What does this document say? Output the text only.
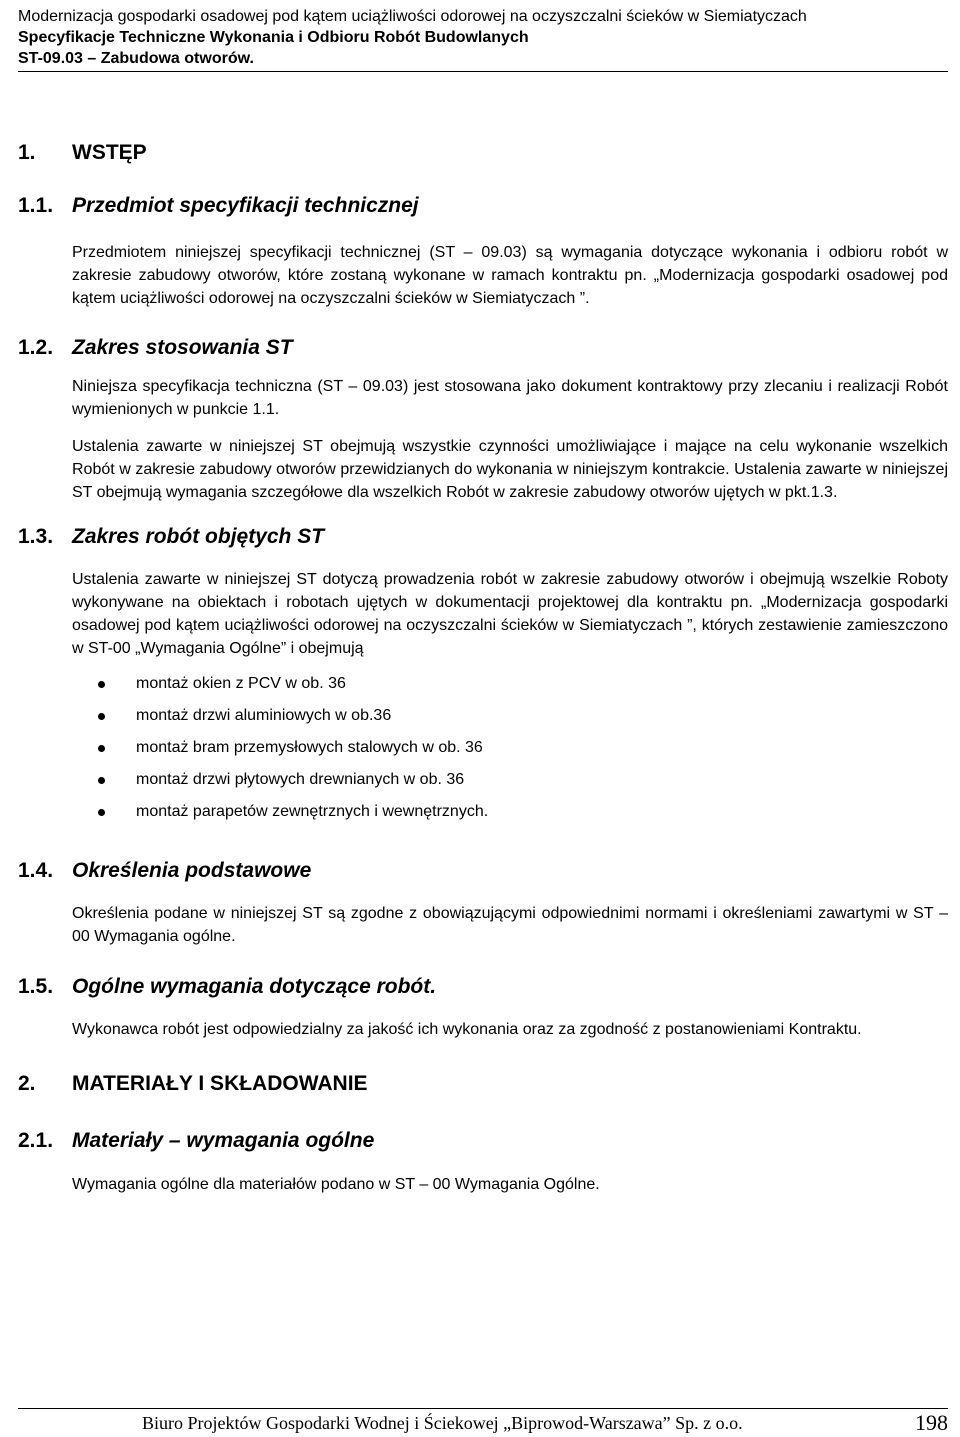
Modernizacja gospodarki osadowej pod kątem uciążliwości odorowej na oczyszczalni ścieków w Siemiatyczach
Specyfikacje Techniczne Wykonania i Odbioru Robót Budowlanych
ST-09.03 – Zabudowa otworów.
1.	WSTĘP
1.1. Przedmiot specyfikacji technicznej

Przedmiotem niniejszej specyfikacji technicznej (ST – 09.03) są wymagania dotyczące wykonania i odbioru robót w zakresie zabudowy otworów, które zostaną wykonane w ramach kontraktu pn. „Modernizacja gospodarki osadowej pod kątem uciążliwości odorowej na oczyszczalni ścieków w Siemiatyczach ”.

1.2. Zakres stosowania ST

Niniejsza specyfikacja techniczna (ST – 09.03) jest stosowana jako dokument kontraktowy przy zlecaniu i realizacji Robót wymienionych w punkcie 1.1.

Ustalenia zawarte w niniejszej ST obejmują wszystkie czynności umożliwiające i mające na celu wykonanie wszelkich Robót w zakresie zabudowy otworów przewidzianych do wykonania w niniejszym kontrakcie. Ustalenia zawarte w niniejszej ST obejmują wymagania szczegółowe dla wszelkich Robót w zakresie zabudowy otworów ujętych w pkt.1.3.

1.3. Zakres robót objętych ST

Ustalenia zawarte w niniejszej ST dotyczą prowadzenia robót w zakresie zabudowy otworów i obejmują wszelkie Roboty wykonywane na obiektach i robotach ujętych w dokumentacji projektowej dla kontraktu pn. „Modernizacja gospodarki osadowej pod kątem uciążliwości odorowej na oczyszczalni ścieków w Siemiatyczach ”, których zestawienie zamieszczono w ST-00 „Wymagania Ogólne” i obejmują

montaż okien z PCV w ob. 36
montaż drzwi aluminiowych w ob.36
montaż bram przemysłowych stalowych w ob. 36
montaż drzwi płytowych drewnianych w ob. 36
montaż parapetów zewnętrznych i wewnętrznych.
1.4. Określenia podstawowe

Określenia podane w niniejszej ST są zgodne z obowiązującymi odpowiednimi normami i określeniami zawartymi w ST – 00 Wymagania ogólne.

1.5. Ogólne wymagania dotyczące robót.

Wykonawca robót jest odpowiedzialny za jakość ich wykonania oraz za zgodność z postanowieniami Kontraktu.

2.	MATERIAŁY I SKŁADOWANIE
2.1. Materiały – wymagania ogólne

Wymagania ogólne dla materiałów podano w ST – 00 Wymagania Ogólne.

Biuro Projektów Gospodarki Wodnej i Ściekowej „Biprowod-Warszawa” Sp. z o.o.	198
